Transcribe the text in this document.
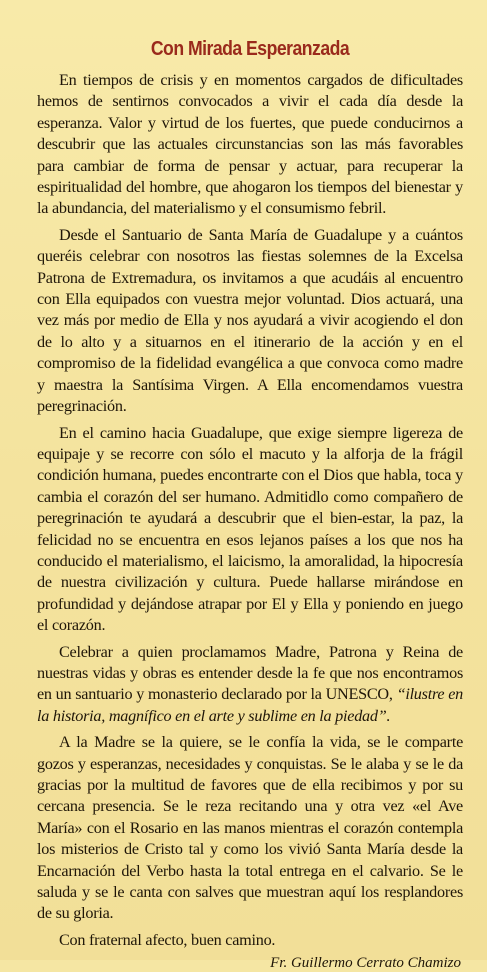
Con Mirada Esperanzada

En tiempos de crisis y en momentos cargados de dificultades hemos de sentirnos convocados a vivir el cada día desde la esperanza. Valor y virtud de los fuertes, que puede conducirnos a descubrir que las actuales circunstancias son las más favorables para cambiar de forma de pensar y actuar, para recuperar la espiritualidad del hombre, que ahogaron los tiempos del bienestar y la abundancia, del materialismo y el consumismo febril.

Desde el Santuario de Santa María de Guadalupe y a cuántos queréis celebrar con nosotros las fiestas solemnes de la Excelsa Patrona de Extremadura, os invitamos a que acudáis al encuentro con Ella equipados con vuestra mejor voluntad. Dios actuará, una vez más por medio de Ella y nos ayudará a vivir acogiendo el don de lo alto y a situarnos en el itinerario de la acción y en el compromiso de la fidelidad evangélica a que convoca como madre y maestra la Santísima Virgen. A Ella encomendamos vuestra peregrinación.

En el camino hacia Guadalupe, que exige siempre ligereza de equipaje y se recorre con sólo el macuto y la alforja de la frágil condición humana, puedes encontrarte con el Dios que habla, toca y cambia el corazón del ser humano. Admitidlo como compañero de peregrinación te ayudará a descubrir que el bien-estar, la paz, la felicidad no se encuentra en esos lejanos países a los que nos ha conducido el materialismo, el laicismo, la amoralidad, la hipocresía de nuestra civilización y cultura. Puede hallarse mirándose en profundidad y dejándose atrapar por El y Ella y poniendo en juego el corazón.

Celebrar a quien proclamamos Madre, Patrona y Reina de nuestras vidas y obras es entender desde la fe que nos encontramos en un santuario y monasterio declarado por la UNESCO, “ilustre en la historia, magnífico en el arte y sublime en la piedad”.

A la Madre se la quiere, se le confía la vida, se le comparte gozos y esperanzas, necesidades y conquistas. Se le alaba y se le da gracias por la multitud de favores que de ella recibimos y por su cercana presencia. Se le reza recitando una y otra vez «el Ave María» con el Rosario en las manos mientras el corazón contempla los misterios de Cristo tal y como los vivió Santa María desde la Encarnación del Verbo hasta la total entrega en el calvario. Se le saluda y se le canta con salves que muestran aquí los resplandores de su gloria.

Con fraternal afecto, buen camino.

Fr. Guillermo Cerrato Chamizo
